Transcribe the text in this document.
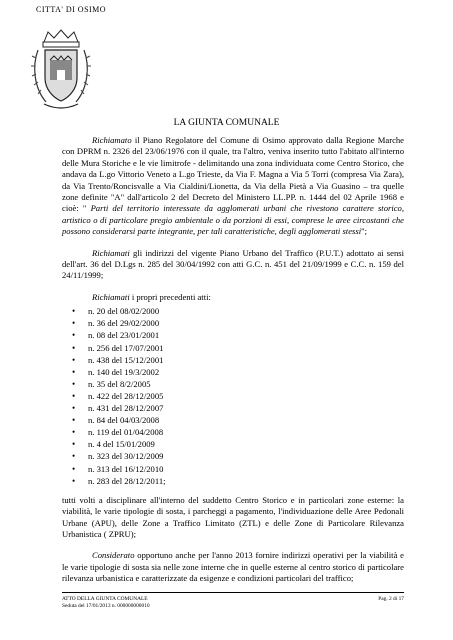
CITTA' DI OSIMO
LA GIUNTA COMUNALE

Richiamato il Piano Regolatore del Comune di Osimo approvato dalla Regione Marche con DPRM n. 2326 del 23/06/1976 con il quale, tra l'altro, veniva inserito tutto l'abitato all'interno delle Mura Storiche e le vie limitrofe - delimitando una zona individuata come Centro Storico, che andava da L.go Vittorio Veneto a L.go Trieste, da Via F. Magna a Via 5 Torri (compresa Via Zara), da Via Trento/Roncisvalle a Via Cialdini/Lionetta, da Via della Pietà a Via Guasino – tra quelle zone definite "A" dall'articolo 2 del Decreto del Ministero LL.PP. n. 1444 del 02 Aprile 1968 e cioè: " Parti del territorio interessate da agglomerati urbani che rivestono carattere storico, artistico o di particolare pregio ambientale o da porzioni di essi, comprese le aree circostanti che possono considerarsi parte integrante, per tali caratteristiche, degli agglomerati stessi";

Richiamati gli indirizzi del vigente Piano Urbano del Traffico (P.U.T.) adottato ai sensi dell'art. 36 del D.Lgs n. 285 del 30/04/1992 con atti G.C. n. 451 del 21/09/1999 e C.C. n. 159 del 24/11/1999;

Richiamati i propri precedenti atti:

• n. 20 del 08/02/2000
• n. 36 del 29/02/2000
• n. 08 del 23/01/2001
• n. 256 del 17/07/2001
• n. 438 del 15/12/2001
• n. 140 del 19/3/2002
• n. 35 del 8/2/2005
• n. 422 del 28/12/2005
• n. 431 del 28/12/2007
• n. 84 del 04/03/2008
• n. 119 del 01/04/2008
• n. 4 del 15/01/2009
• n. 323 del 30/12/2009
• n. 313 del 16/12/2010
• n. 283 del 28/12/2011;

tutti volti a disciplinare all'interno del suddetto Centro Storico e in particolari zone esterne: la viabilità, le varie tipologie di sosta, i parcheggi a pagamento, l'individuazione delle Aree Pedonali Urbane (APU), delle Zone a Traffico Limitato (ZTL) e delle Zone di Particolare Rilevanza Urbanistica ( ZPRU);

Considerato opportuno anche per l'anno 2013 fornire indirizzi operativi per la viabilità e le varie tipologie di sosta sia nelle zone interne che in quelle esterne al centro storico di particolare rilevanza urbanistica e caratterizzate da esigenze e condizioni particolari del traffico;

ATTO DELLA GIUNTA COMUNALE
Seduta del 17/01/2013 n. 000000000010
Pag. 2 di 17
